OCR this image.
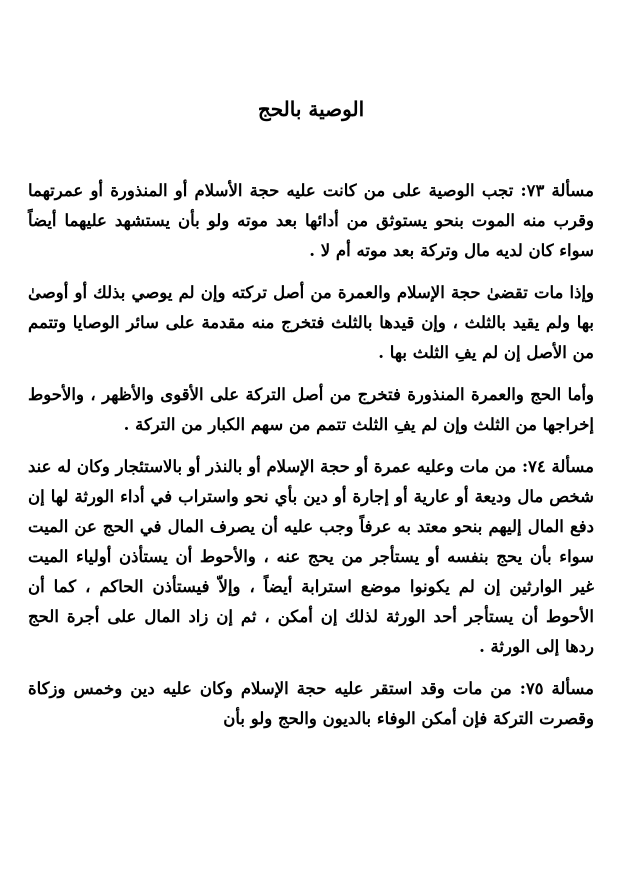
الوصية بالحج

مسألة ٧٣: تجب الوصية على من كانت عليه حجة الأسلام أو المنذورة أو عمرتهما وقرب منه الموت بنحو يستوثق من أدائها بعد موته ولو بأن يستشهد عليهما أيضاً سواء كان لديه مال وتركة بعد موته أم لا .

وإذا مات تقضىٰ حجة الإسلام والعمرة من أصل تركته وإن لم يوصي بذلك أو أوصىٰ بها ولم يقيد بالثلث ، وإن قيدها بالثلث فتخرج منه مقدمة على سائر الوصايا وتتمم من الأصل إن لم يفِ الثلث بها .

وأما الحج والعمرة المنذورة فتخرج من أصل التركة على الأقوى والأظهر ، والأحوط إخراجها من الثلث وإن لم يفِ الثلث تتمم من سهم الكبار من التركة .

مسألة ٧٤: من مات وعليه عمرة أو حجة الإسلام أو بالنذر أو بالاستئجار وكان له عند شخص مال وديعة أو عارية أو إجارة أو دين بأي نحو واستراب في أداء الورثة لها إن دفع المال إليهم بنحو معتد به عرفاً وجب عليه أن يصرف المال في الحج عن الميت سواء بأن يحج بنفسه أو يستأجر من يحج عنه ، والأحوط أن يستأذن أولياء الميت غير الوارثين إن لم يكونوا موضع استرابة أيضاً ، وإلاّ فيستأذن الحاكم ، كما أن الأحوط أن يستأجر أحد الورثة لذلك إن أمكن ، ثم إن زاد المال على أجرة الحج ردها إلى الورثة .

مسألة ٧٥: من مات وقد استقر عليه حجة الإسلام وكان عليه دين وخمس وزكاة وقصرت التركة فإن أمكن الوفاء بالديون والحج ولو بأن
